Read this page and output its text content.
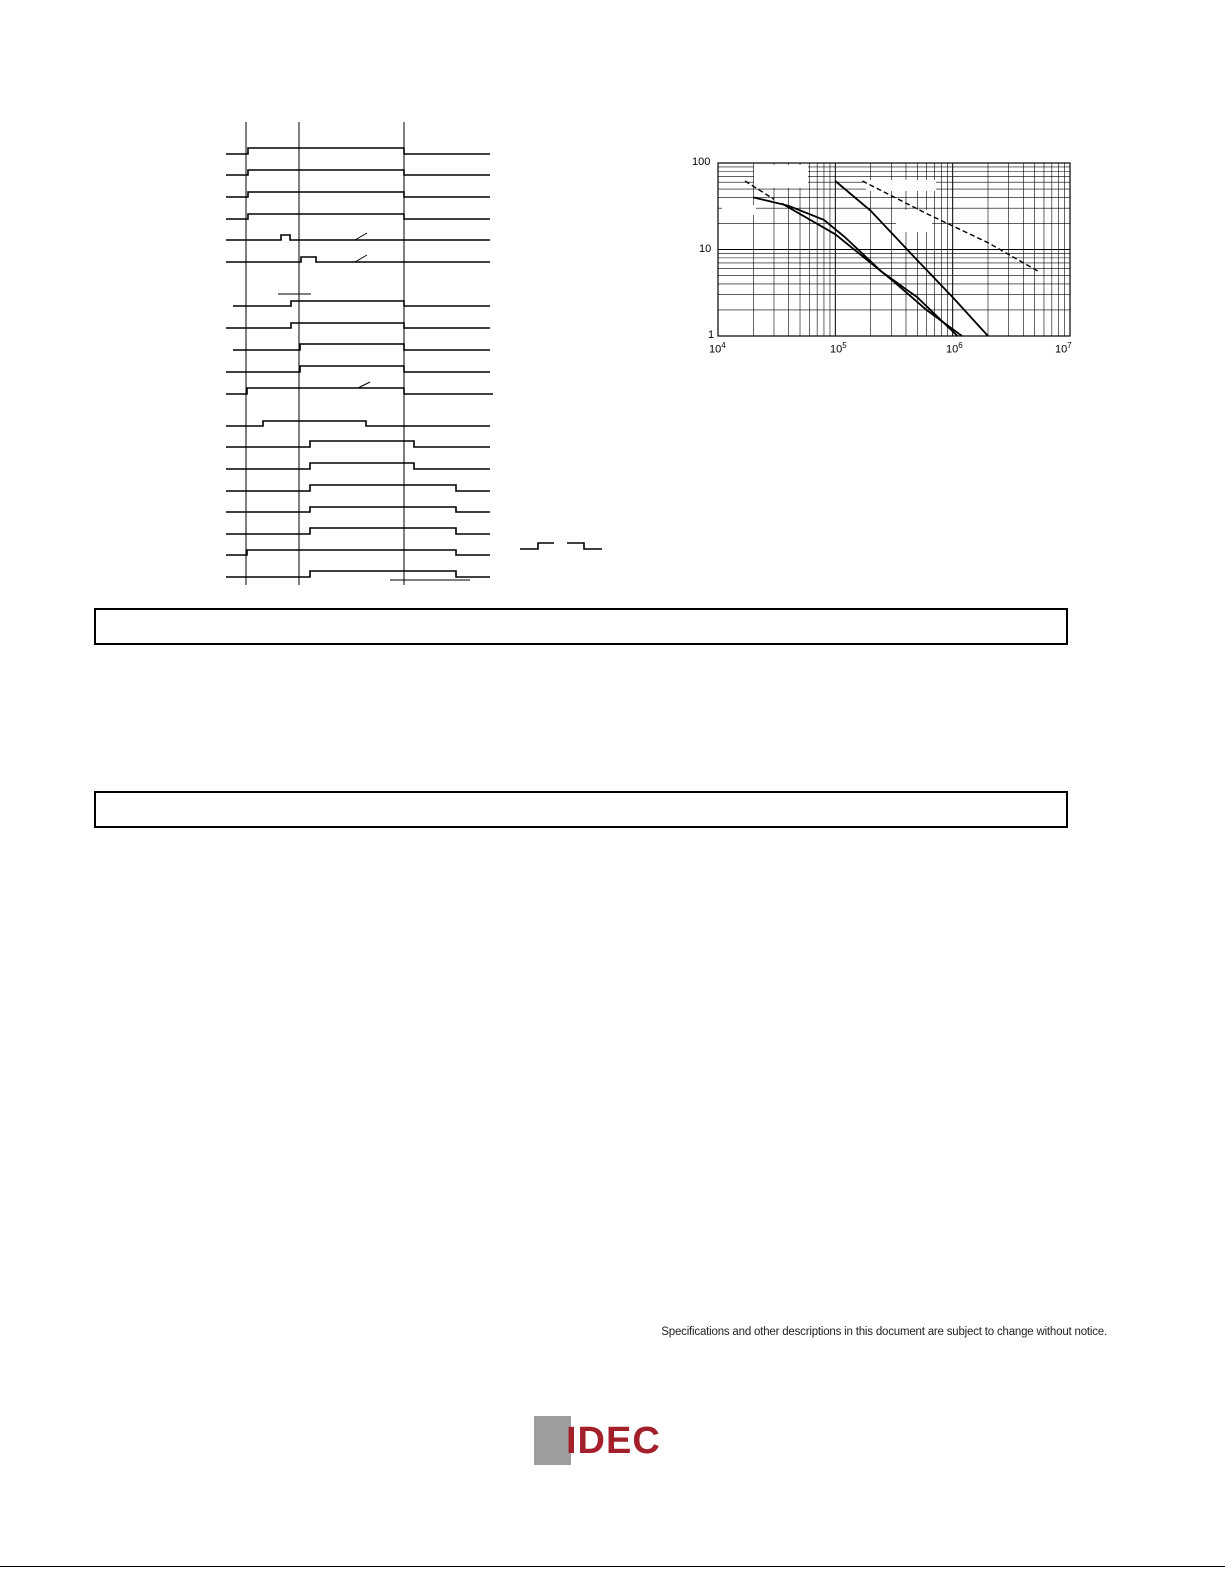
100
10
1
$10^4$	$10^5$	$10^6$	$10^7$
Specifications and other descriptions in this document are subject to change without notice.
IDEC
